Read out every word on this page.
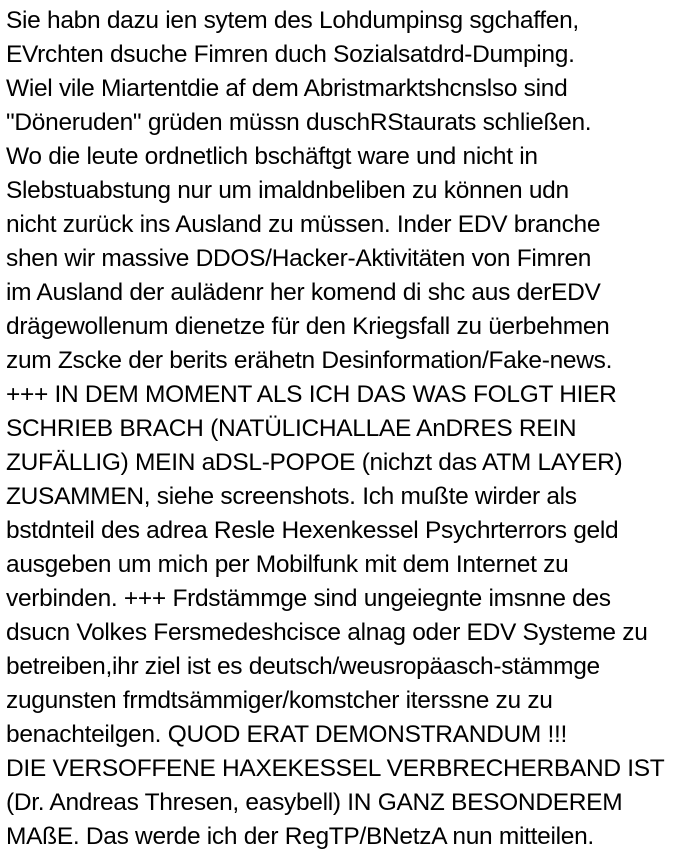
Sie habn dazu ien sytem des Lohdumpinsg sgchaffen,
EVrchten dsuche Fimren duch Sozialsatdrd-Dumping.
Wiel vile Miartentdie af dem Abristmarktshcnslso sind
"Döneruden" grüden müssn duschRStaurats schließen.
Wo die leute ordnetlich bschäftgt ware und nicht in
Slebstuabstung nur um imaldnbeliben zu können udn
nicht zurück ins Ausland zu müssen. Inder EDV branche
shen wir massive DDOS/Hacker-Aktivitäten von Fimren
im Ausland der aulädenr her komend di shc aus derEDV
drägewollenum dienetze für den Kriegsfall zu üerbehmen
zum Zscke der berits erähetn Desinformation/Fake-news.
+++ IN DEM MOMENT ALS ICH DAS WAS FOLGT HIER
SCHRIEB BRACH (NATÜLICHALLAE AnDRES REIN
ZUFÄLLIG) MEIN aDSL-POPOE (nichzt das ATM LAYER)
ZUSAMMEN, siehe screenshots. Ich mußte wirder als
bstdnteil des adrea Resle Hexenkessel Psychrterrors geld
ausgeben um mich per Mobilfunk mit dem Internet zu
verbinden. +++ Frdstämmge sind ungeiegnte imsnne des
dsucn Volkes Fersmedeshcisce alnag oder EDV Systeme zu
betreiben,ihr ziel ist es deutsch/weusropäasch-stämmge
zugunsten frmdtsämmiger/komstcher iterssne zu zu
benachteilgen. QUOD ERAT DEMONSTRANDUM !!!
DIE VERSOFFENE HAXEKESSEL VERBRECHERBAND IST
(Dr. Andreas Thresen, easybell) IN GANZ BESONDEREM
MAßE. Das werde ich der RegTP/BNetzA nun mitteilen.
